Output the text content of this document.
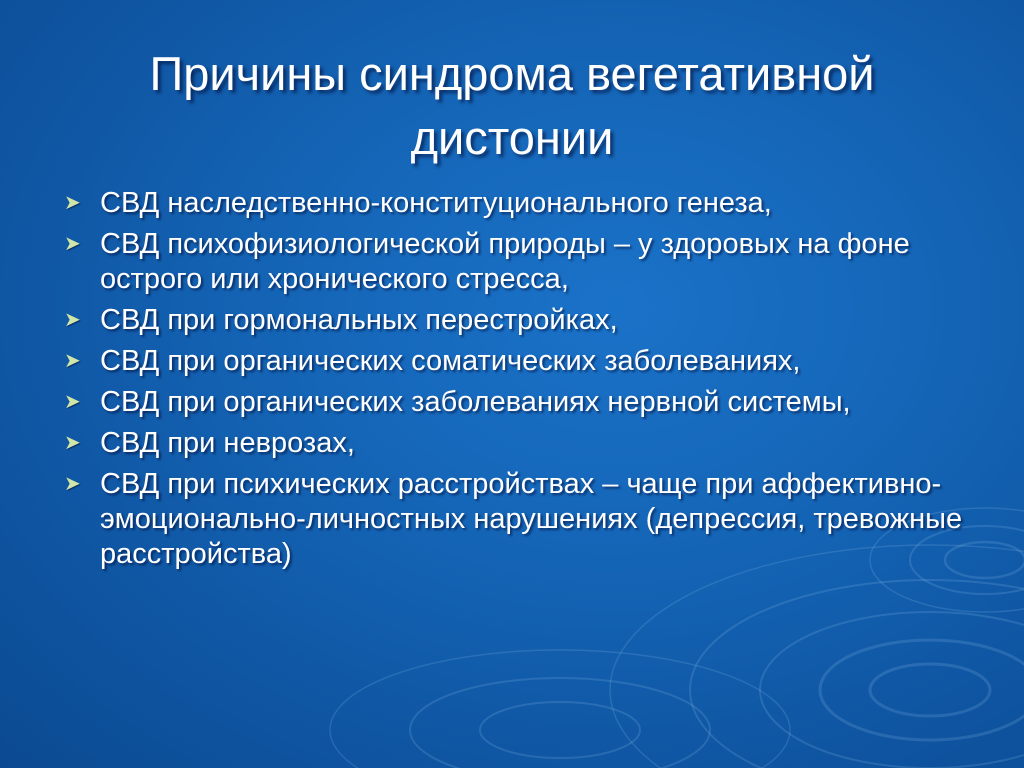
Причины синдрома вегетативной
дистонии
➤ СВД наследственно-конституционального генеза,
➤ СВД психофизиологической природы – у здоровых на фоне острого или хронического стресса,
➤ СВД при гормональных перестройках,
➤ СВД при органических соматических заболеваниях,
➤ СВД при органических заболеваниях нервной системы,
➤ СВД при неврозах,
➤ СВД при психических расстройствах – чаще при аффективно-эмоционально-личностных нарушениях (депрессия, тревожные расстройства)
